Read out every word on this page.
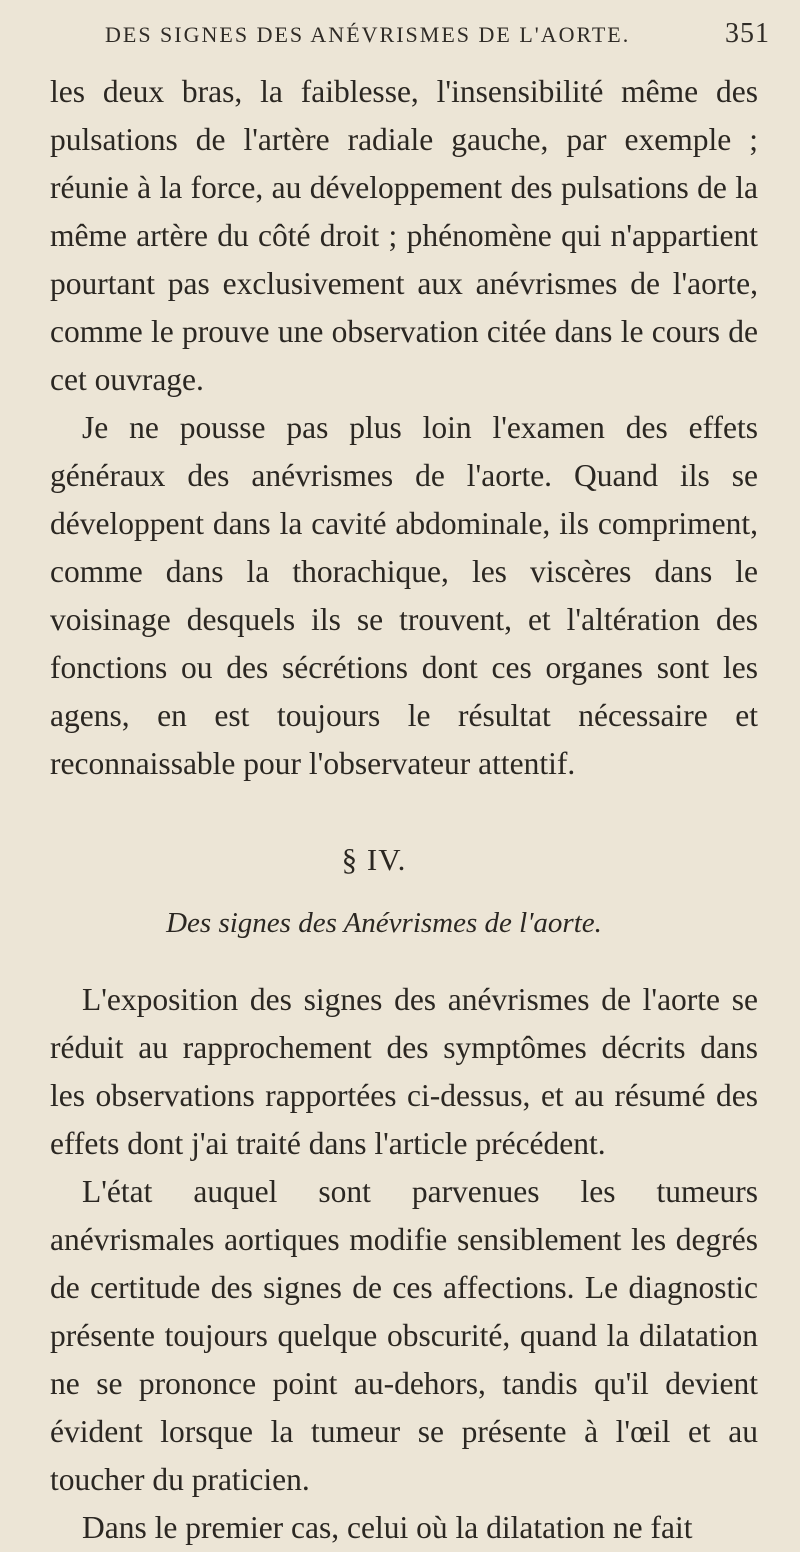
DES SIGNES DES ANÉVRISMES DE L'AORTE.	351

les deux bras, la faiblesse, l'insensibilité même des pulsations de l'artère radiale gauche, par exemple ; réunie à la force, au développement des pulsations de la même artère du côté droit ; phénomène qui n'appartient pourtant pas exclusivement aux anévrismes de l'aorte, comme le prouve une observation citée dans le cours de cet ouvrage.

Je ne pousse pas plus loin l'examen des effets généraux des anévrismes de l'aorte. Quand ils se développent dans la cavité abdominale, ils compriment, comme dans la thorachique, les viscères dans le voisinage desquels ils se trouvent, et l'altération des fonctions ou des sécrétions dont ces organes sont les agens, en est toujours le résultat nécessaire et reconnaissable pour l'observateur attentif.

§ IV.

Des signes des Anévrismes de l'aorte.

L'exposition des signes des anévrismes de l'aorte se réduit au rapprochement des symptômes décrits dans les observations rapportées ci-dessus, et au résumé des effets dont j'ai traité dans l'article précédent.

L'état auquel sont parvenues les tumeurs anévrismales aortiques modifie sensiblement les degrés de certitude des signes de ces affections. Le diagnostic présente toujours quelque obscurité, quand la dilatation ne se prononce point au-dehors, tandis qu'il devient évident lorsque la tumeur se présente à l'œil et au toucher du praticien.

Dans le premier cas, celui où la dilatation ne fait
